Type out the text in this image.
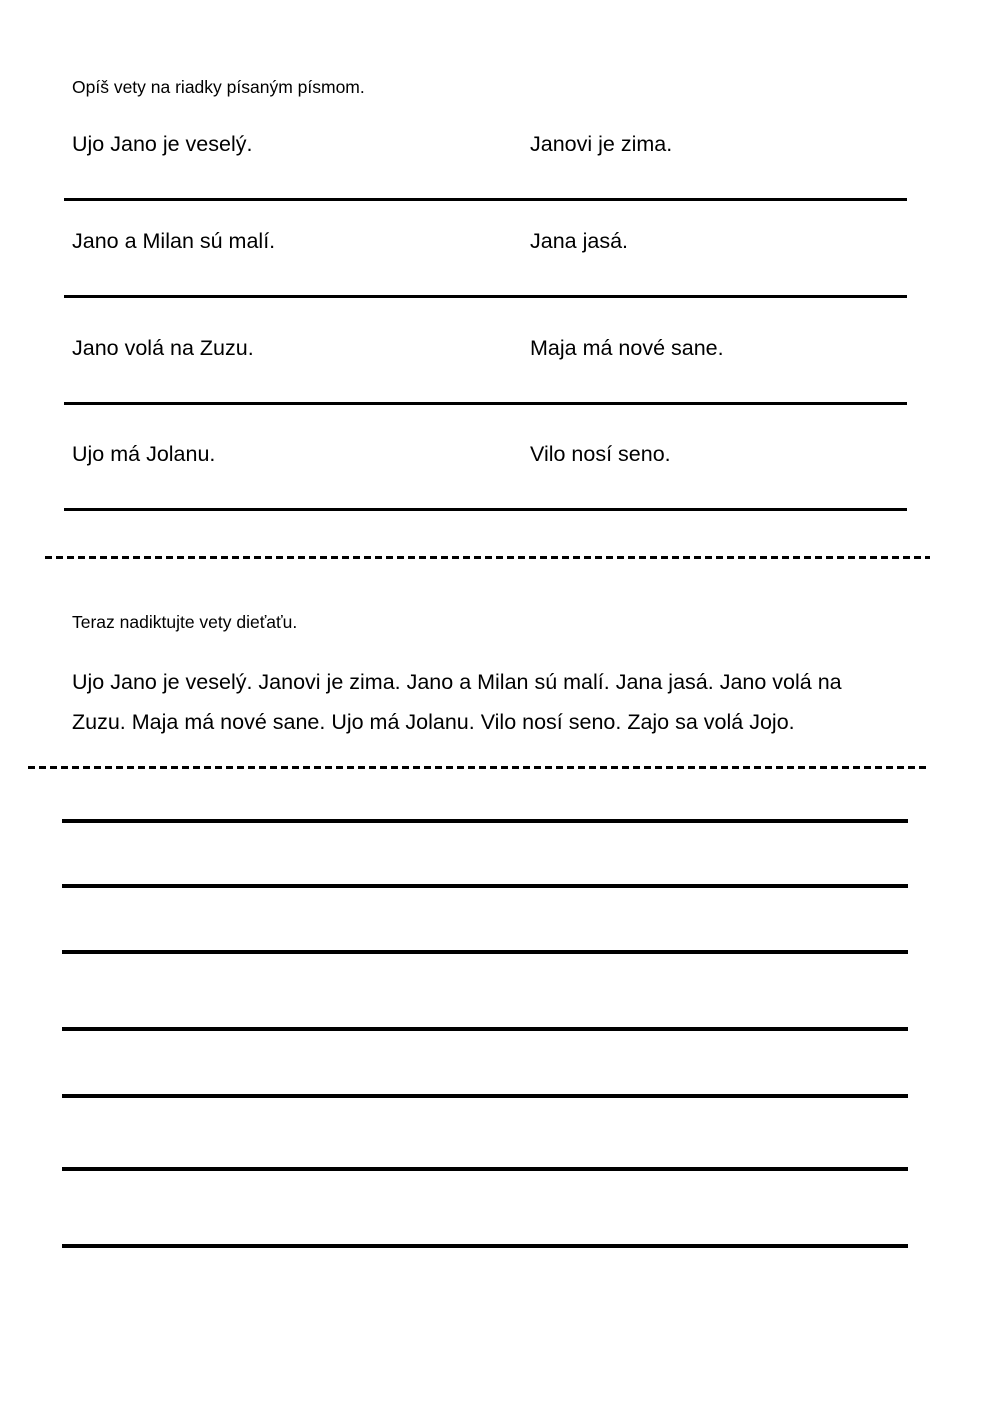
Opíš vety na riadky písaným písmom.
Ujo Jano je veselý.	Janovi je zima.
Jano a Milan sú malí.	Jana jasá.
Jano volá na Zuzu.	Maja má nové sane.
Ujo má Jolanu.	Vilo nosí seno.
Teraz nadiktujte vety dieťaťu.
Ujo Jano je veselý. Janovi je zima. Jano a Milan sú malí. Jana jasá. Jano volá na
Zuzu. Maja má nové sane. Ujo má Jolanu. Vilo nosí seno. Zajo sa volá Jojo.
